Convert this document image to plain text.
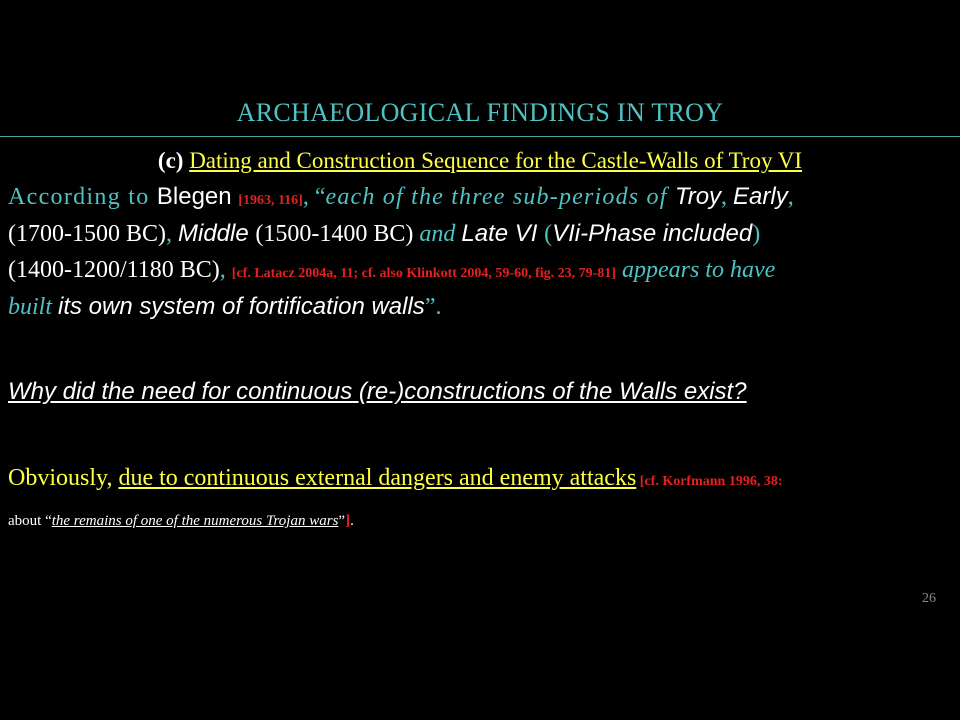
ARCHAEOLOGICAL FINDINGS IN TROY
(c) Dating and Construction Sequence for the Castle-Walls of Troy VI
According to Blegen [1963, 116], “each of the three sub-periods of Troy, Early,
(1700-1500 BC), Middle (1500-1400 BC) and Late VI (VIi-Phase included)
(1400-1200/1180 BC), [cf. Latacz 2004a, 11; cf. also Klinkott 2004, 59-60, fig. 23, 79-81] appears to have
built its own system of fortification walls”.
Why did the need for continuous (re-)constructions of the Walls exist?
Obviously, due to continuous external dangers and enemy attacks [cf. Korfmann 1996, 38:
about “the remains of one of the numerous Trojan wars”].
26
